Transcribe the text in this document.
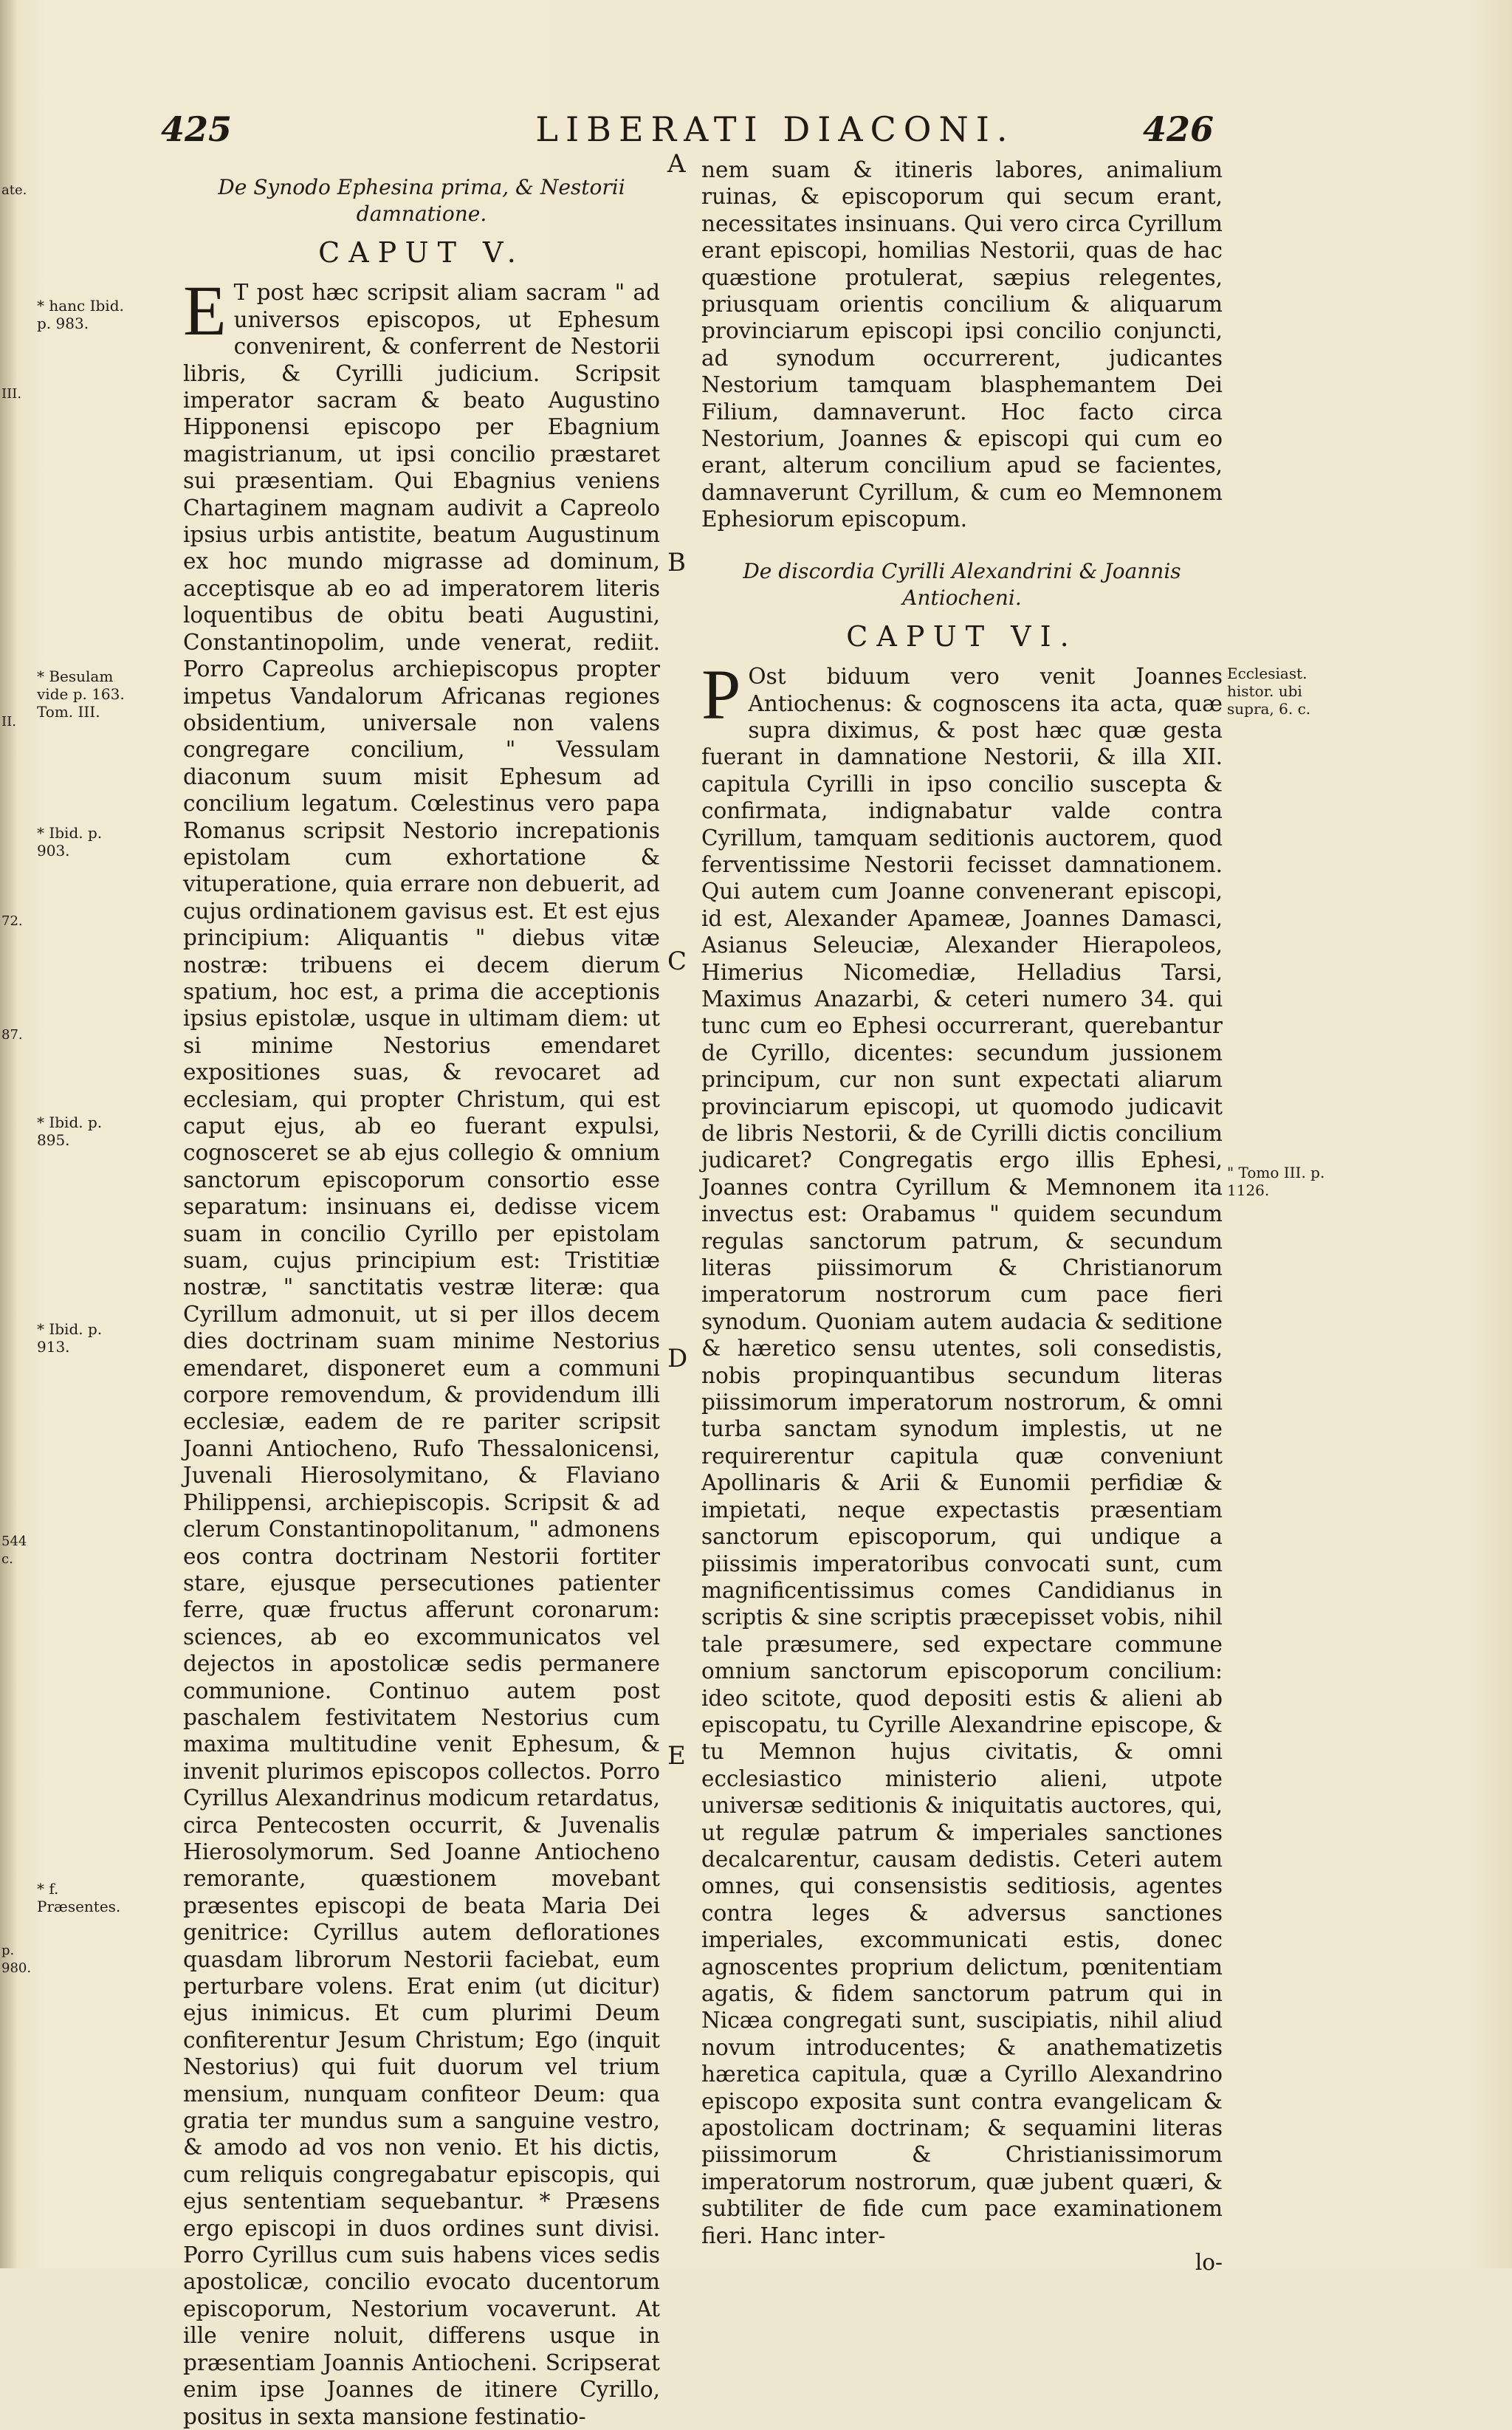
425	LIBERATI DIACONI.	426
ate.
III.
II.
72.
87.
544 c.
p. 980.
* hanc Ibid. p. 983.
* Besulam vide p. 163. Tom. III.
* Ibid. p. 903.
* Ibid. p. 895.
* Ibid. p. 913.
* f. Præsentes.
Ecclesiast. histor. ubi supra, 6. c.
" Tomo III. p. 1126.
A
B
C
D
E
De Synodo Ephesina prima, & Nestorii damnatione.
CAPUT V.

E T post hæc scripsit aliam sacram " ad universos episcopos, ut Ephesum convenirent, & conferrent de Nestorii libris, & Cyrilli judicium. Scripsit imperator sacram & beato Augustino Hipponensi episcopo per Ebagnium magistrianum, ut ipsi concilio præstaret sui præsentiam. Qui Ebagnius veniens Chartaginem magnam audivit a Capreolo ipsius urbis antistite, beatum Augustinum ex hoc mundo migrasse ad dominum, acceptisque ab eo ad imperatorem literis loquentibus de obitu beati Augustini, Constantinopolim, unde venerat, rediit. Porro Capreolus archiepiscopus propter impetus Vandalorum Africanas regiones obsidentium, universale non valens congregare concilium, " Vessulam diaconum suum misit Ephesum ad concilium legatum. Cœlestinus vero papa Romanus scripsit Nestorio increpationis epistolam cum exhortatione & vituperatione, quia errare non debuerit, ad cujus ordinationem gavisus est. Et est ejus principium: Aliquantis " diebus vitæ nostræ: tribuens ei decem dierum spatium, hoc est, a prima die acceptionis ipsius epistolæ, usque in ultimam diem: ut si minime Nestorius emendaret expositiones suas, & revocaret ad ecclesiam, qui propter Christum, qui est caput ejus, ab eo fuerant expulsi, cognosceret se ab ejus collegio & omnium sanctorum episcoporum consortio esse separatum: insinuans ei, dedisse vicem suam in concilio Cyrillo per epistolam suam, cujus principium est: Tristitiæ nostræ, " sanctitatis vestræ literæ: qua Cyrillum admonuit, ut si per illos decem dies doctrinam suam minime Nestorius emendaret, disponeret eum a communi corpore removendum, & providendum illi ecclesiæ, eadem de re pariter scripsit Joanni Antiocheno, Rufo Thessalonicensi, Juvenali Hierosolymitano, & Flaviano Philippensi, archiepiscopis. Scripsit & ad clerum Constantinopolitanum, " admonens eos contra doctrinam Nestorii fortiter stare, ejusque persecutiones patienter ferre, quæ fructus afferunt coronarum: sciences, ab eo excommunicatos vel dejectos in apostolicæ sedis permanere communione. Continuo autem post paschalem festivitatem Nestorius cum maxima multitudine venit Ephesum, & invenit plurimos episcopos collectos. Porro Cyrillus Alexandrinus modicum retardatus, circa Pentecosten occurrit, & Juvenalis Hierosolymorum. Sed Joanne Antiocheno remorante, quæstionem movebant præsentes episcopi de beata Maria Dei genitrice: Cyrillus autem deflorationes quasdam librorum Nestorii faciebat, eum perturbare volens. Erat enim (ut dicitur) ejus inimicus. Et cum plurimi Deum confiterentur Jesum Christum; Ego (inquit Nestorius) qui fuit duorum vel trium mensium, nunquam confiteor Deum: qua gratia ter mundus sum a sanguine vestro, & amodo ad vos non venio. Et his dictis, cum reliquis congregabatur episcopis, qui ejus sententiam sequebantur. * Præsens ergo episcopi in duos ordines sunt divisi. Porro Cyrillus cum suis habens vices sedis apostolicæ, concilio evocato ducentorum episcoporum, Nestorium vocaverunt. At ille venire noluit, differens usque in præsentiam Joannis Antiocheni. Scripserat enim ipse Joannes de itinere Cyrillo, positus in sexta mansione festinatio-

nem suam & itineris labores, animalium ruinas, & episcoporum qui secum erant, necessitates insinuans. Qui vero circa Cyrillum erant episcopi, homilias Nestorii, quas de hac quæstione protulerat, sæpius relegentes, priusquam orientis concilium & aliquarum provinciarum episcopi ipsi concilio conjuncti, ad synodum occurrerent, judicantes Nestorium tamquam blasphemantem Dei Filium, damnaverunt. Hoc facto circa Nestorium, Joannes & episcopi qui cum eo erant, alterum concilium apud se facientes, damnaverunt Cyrillum, & cum eo Memnonem Ephesiorum episcopum.

De discordia Cyrilli Alexandrini & Joannis Antiocheni.
CAPUT VI.

P Ost biduum vero venit Joannes Antiochenus: & cognoscens ita acta, quæ supra diximus, & post hæc quæ gesta fuerant in damnatione Nestorii, & illa XII. capitula Cyrilli in ipso concilio suscepta & confirmata, indignabatur valde contra Cyrillum, tamquam seditionis auctorem, quod ferventissime Nestorii fecisset damnationem. Qui autem cum Joanne convenerant episcopi, id est, Alexander Apameæ, Joannes Damasci, Asianus Seleuciæ, Alexander Hierapoleos, Himerius Nicomediæ, Helladius Tarsi, Maximus Anazarbi, & ceteri numero 34. qui tunc cum eo Ephesi occurrerant, querebantur de Cyrillo, dicentes: secundum jussionem principum, cur non sunt expectati aliarum provinciarum episcopi, ut quomodo judicavit de libris Nestorii, & de Cyrilli dictis concilium judicaret? Congregatis ergo illis Ephesi, Joannes contra Cyrillum & Memnonem ita invectus est: Orabamus " quidem secundum regulas sanctorum patrum, & secundum literas piissimorum & Christianorum imperatorum nostrorum cum pace fieri synodum. Quoniam autem audacia & seditione & hæretico sensu utentes, soli consedistis, nobis propinquantibus secundum literas piissimorum imperatorum nostrorum, & omni turba sanctam synodum implestis, ut ne requirerentur capitula quæ conveniunt Apollinaris & Arii & Eunomii perfidiæ & impietati, neque expectastis præsentiam sanctorum episcoporum, qui undique a piissimis imperatoribus convocati sunt, cum magnificentissimus comes Candidianus in scriptis & sine scriptis præcepisset vobis, nihil tale præsumere, sed expectare commune omnium sanctorum episcoporum concilium: ideo scitote, quod depositi estis & alieni ab episcopatu, tu Cyrille Alexandrine episcope, & tu Memnon hujus civitatis, & omni ecclesiastico ministerio alieni, utpote universæ seditionis & iniquitatis auctores, qui, ut regulæ patrum & imperiales sanctiones decalcarentur, causam dedistis. Ceteri autem omnes, qui consensistis seditiosis, agentes contra leges & adversus sanctiones imperiales, excommunicati estis, donec agnoscentes proprium delictum, pœnitentiam agatis, & fidem sanctorum patrum qui in Nicæa congregati sunt, suscipiatis, nihil aliud novum introducentes; & anathematizetis hæretica capitula, quæ a Cyrillo Alexandrino episcopo exposita sunt contra evangelicam & apostolicam doctrinam; & sequamini literas piissimorum & Christianissimorum imperatorum nostrorum, quæ jubent quæri, & subtiliter de fide cum pace examinationem fieri. Hanc inter-

lo-
